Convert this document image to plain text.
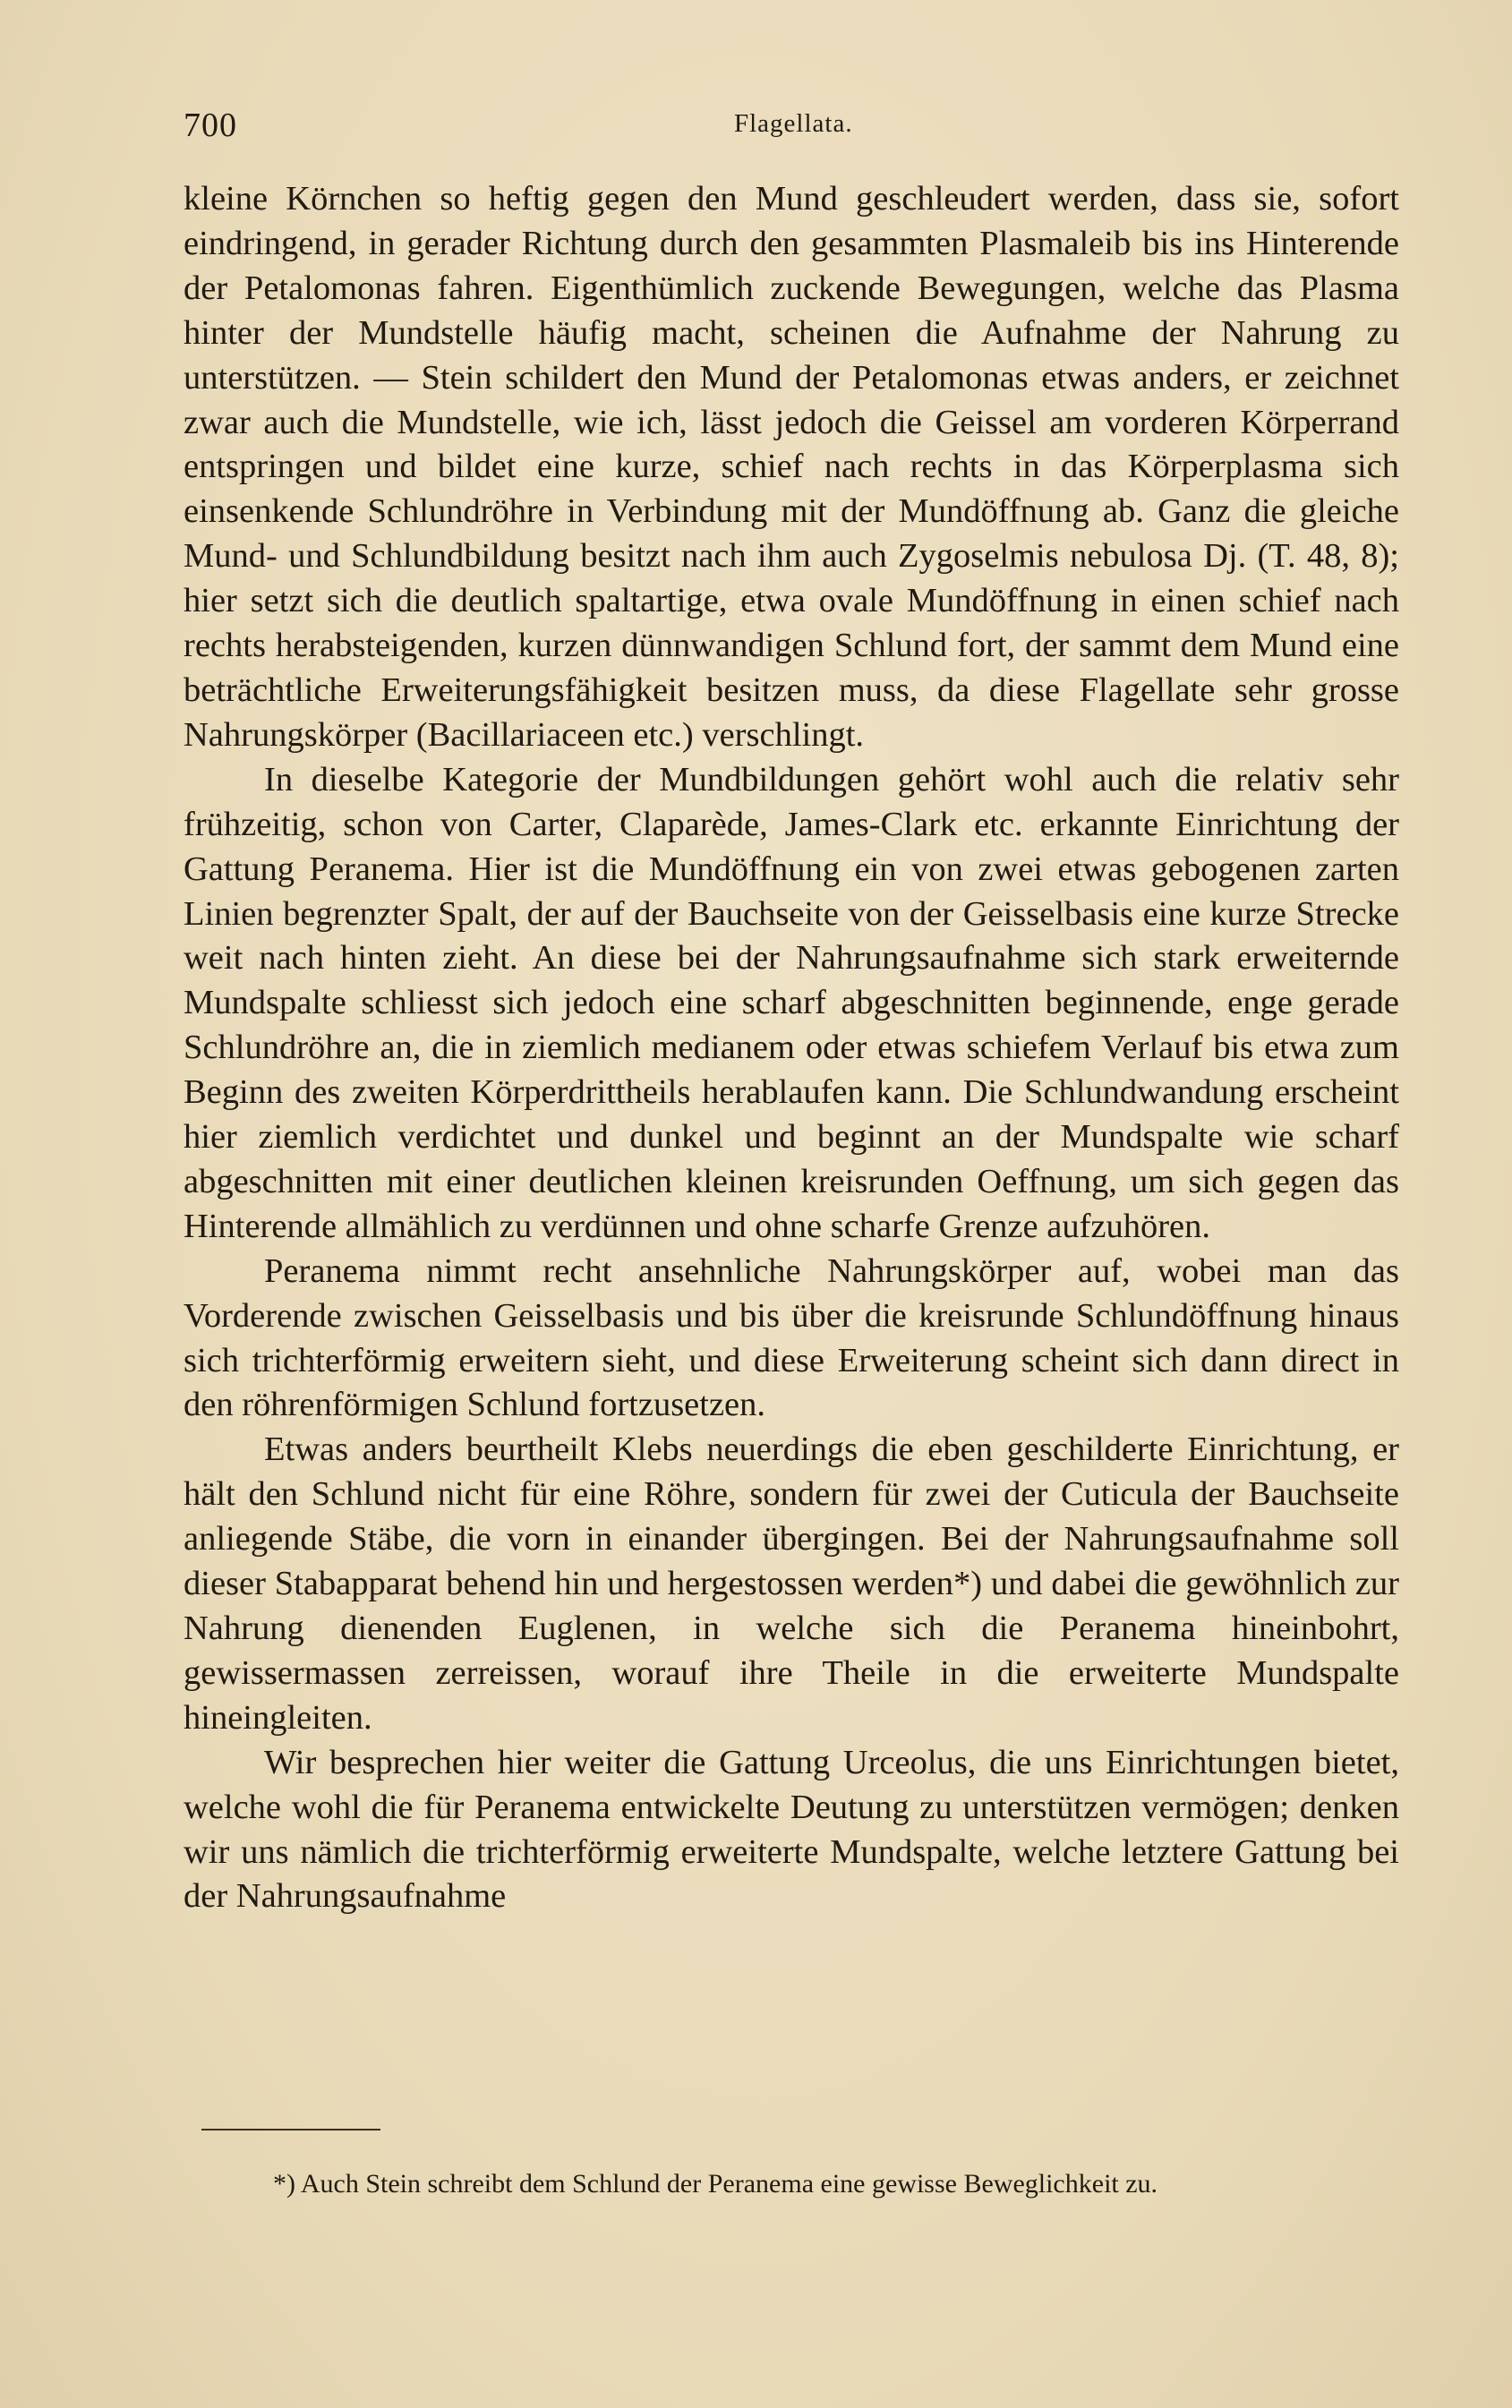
700	Flagellata.

kleine Körnchen so heftig gegen den Mund geschleudert werden, dass sie, sofort eindringend, in gerader Richtung durch den gesammten Plasmaleib bis ins Hinterende der Petalomonas fahren. Eigenthümlich zuckende Bewegungen, welche das Plasma hinter der Mundstelle häufig macht, scheinen die Aufnahme der Nahrung zu unterstützen. — Stein schildert den Mund der Petalomonas etwas anders, er zeichnet zwar auch die Mundstelle, wie ich, lässt jedoch die Geissel am vorderen Körperrand entspringen und bildet eine kurze, schief nach rechts in das Körperplasma sich einsenkende Schlundröhre in Verbindung mit der Mundöffnung ab. Ganz die gleiche Mund- und Schlundbildung besitzt nach ihm auch Zygoselmis nebulosa Dj. (T. 48, 8); hier setzt sich die deutlich spaltartige, etwa ovale Mundöffnung in einen schief nach rechts herabsteigenden, kurzen dünnwandigen Schlund fort, der sammt dem Mund eine beträchtliche Erweiterungsfähigkeit besitzen muss, da diese Flagellate sehr grosse Nahrungskörper (Bacillariaceen etc.) verschlingt.

In dieselbe Kategorie der Mundbildungen gehört wohl auch die relativ sehr frühzeitig, schon von Carter, Claparède, James-Clark etc. erkannte Einrichtung der Gattung Peranema. Hier ist die Mundöffnung ein von zwei etwas gebogenen zarten Linien begrenzter Spalt, der auf der Bauchseite von der Geisselbasis eine kurze Strecke weit nach hinten zieht. An diese bei der Nahrungsaufnahme sich stark erweiternde Mundspalte schliesst sich jedoch eine scharf abgeschnitten beginnende, enge gerade Schlundröhre an, die in ziemlich medianem oder etwas schiefem Verlauf bis etwa zum Beginn des zweiten Körperdrittheils herablaufen kann. Die Schlundwandung erscheint hier ziemlich verdichtet und dunkel und beginnt an der Mundspalte wie scharf abgeschnitten mit einer deutlichen kleinen kreisrunden Oeffnung, um sich gegen das Hinterende allmählich zu verdünnen und ohne scharfe Grenze aufzuhören.

Peranema nimmt recht ansehnliche Nahrungskörper auf, wobei man das Vorderende zwischen Geisselbasis und bis über die kreisrunde Schlundöffnung hinaus sich trichterförmig erweitern sieht, und diese Erweiterung scheint sich dann direct in den röhrenförmigen Schlund fortzusetzen.

Etwas anders beurtheilt Klebs neuerdings die eben geschilderte Einrichtung, er hält den Schlund nicht für eine Röhre, sondern für zwei der Cuticula der Bauchseite anliegende Stäbe, die vorn in einander übergingen. Bei der Nahrungsaufnahme soll dieser Stabapparat behend hin und hergestossen werden*) und dabei die gewöhnlich zur Nahrung dienenden Euglenen, in welche sich die Peranema hineinbohrt, gewissermassen zerreissen, worauf ihre Theile in die erweiterte Mundspalte hineingleiten.

Wir besprechen hier weiter die Gattung Urceolus, die uns Einrichtungen bietet, welche wohl die für Peranema entwickelte Deutung zu unterstützen vermögen; denken wir uns nämlich die trichterförmig erweiterte Mundspalte, welche letztere Gattung bei der Nahrungsaufnahme

*) Auch Stein schreibt dem Schlund der Peranema eine gewisse Beweglichkeit zu.
